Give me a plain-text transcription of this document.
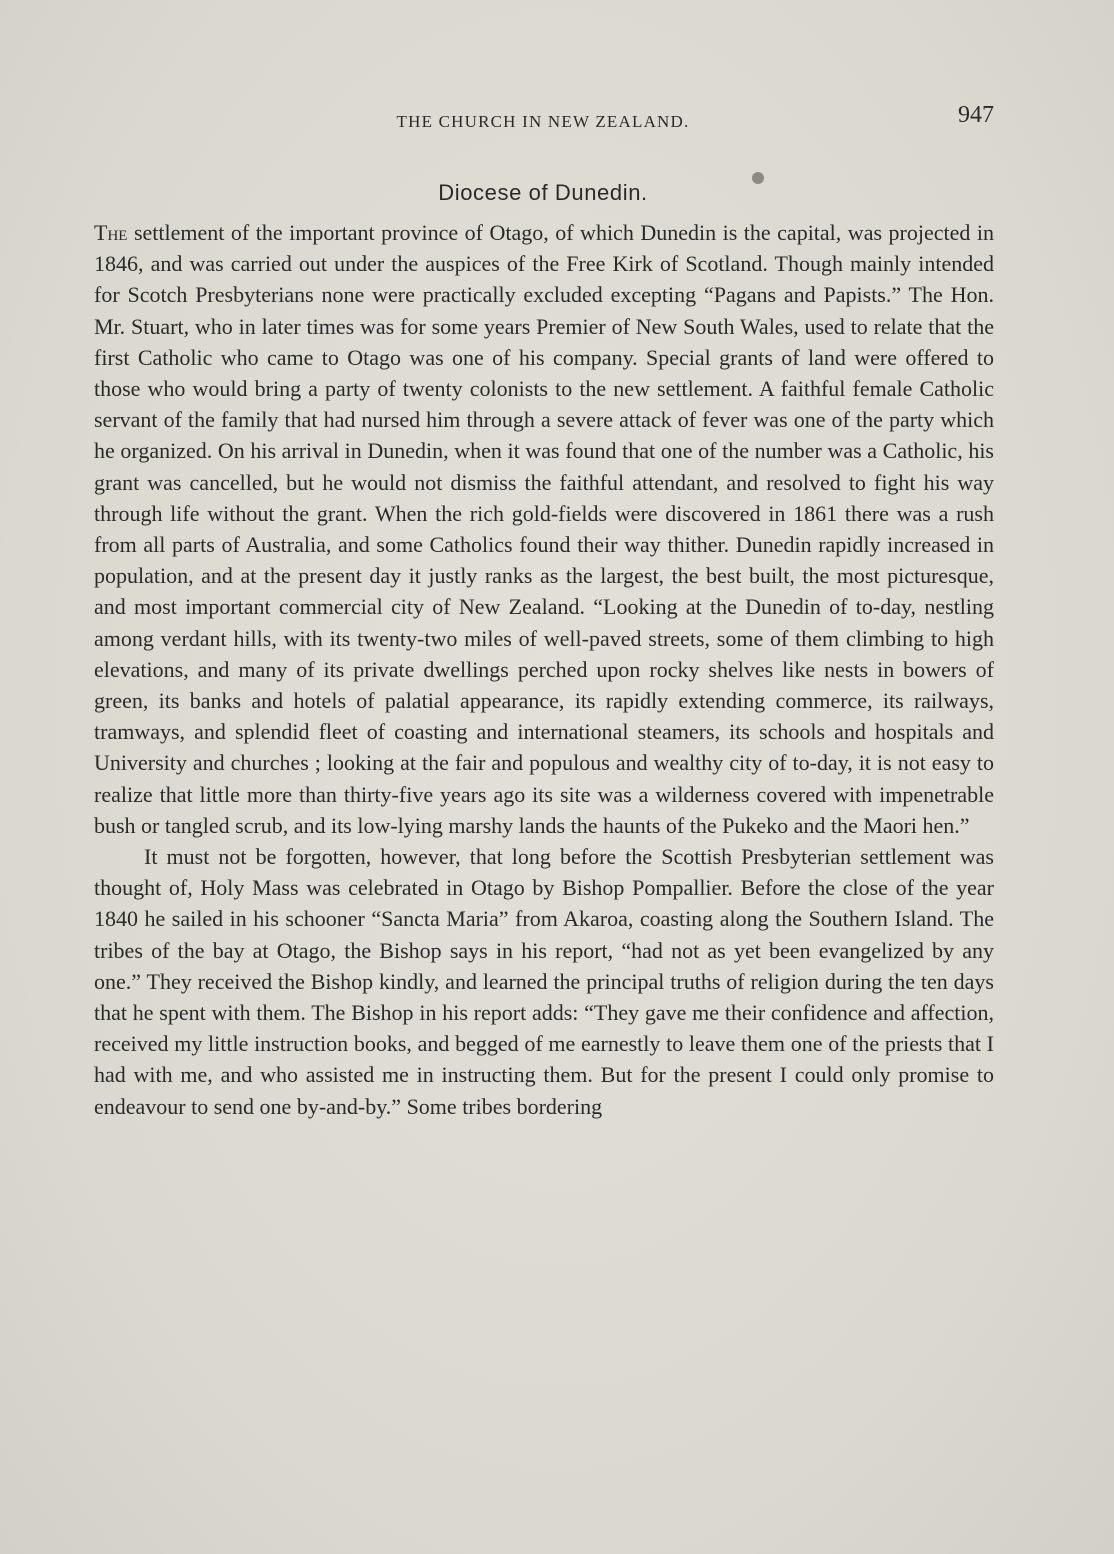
THE CHURCH IN NEW ZEALAND.	947
Diocese of Dunedin.

The settlement of the important province of Otago, of which Dunedin is the capital, was projected in 1846, and was carried out under the auspices of the Free Kirk of Scotland. Though mainly intended for Scotch Presbyterians none were practically excluded excepting “Pagans and Papists.” The Hon. Mr. Stuart, who in later times was for some years Premier of New South Wales, used to relate that the first Catholic who came to Otago was one of his company. Special grants of land were offered to those who would bring a party of twenty colonists to the new settlement. A faithful female Catholic servant of the family that had nursed him through a severe attack of fever was one of the party which he organized. On his arrival in Dunedin, when it was found that one of the number was a Catholic, his grant was cancelled, but he would not dismiss the faithful attendant, and resolved to fight his way through life without the grant. When the rich gold-fields were discovered in 1861 there was a rush from all parts of Australia, and some Catholics found their way thither. Dunedin rapidly increased in population, and at the present day it justly ranks as the largest, the best built, the most picturesque, and most important commercial city of New Zealand. “Looking at the Dunedin of to-day, nestling among verdant hills, with its twenty-two miles of well-paved streets, some of them climbing to high elevations, and many of its private dwellings perched upon rocky shelves like nests in bowers of green, its banks and hotels of palatial appearance, its rapidly extending commerce, its railways, tramways, and splendid fleet of coasting and international steamers, its schools and hospitals and University and churches ; looking at the fair and populous and wealthy city of to-day, it is not easy to realize that little more than thirty-five years ago its site was a wilderness covered with impenetrable bush or tangled scrub, and its low-lying marshy lands the haunts of the Pukeko and the Maori hen.”

It must not be forgotten, however, that long before the Scottish Presbyterian settlement was thought of, Holy Mass was celebrated in Otago by Bishop Pompallier. Before the close of the year 1840 he sailed in his schooner “Sancta Maria” from Akaroa, coasting along the Southern Island. The tribes of the bay at Otago, the Bishop says in his report, “had not as yet been evangelized by any one.” They received the Bishop kindly, and learned the principal truths of religion during the ten days that he spent with them. The Bishop in his report adds: “They gave me their confidence and affection, received my little instruction books, and begged of me earnestly to leave them one of the priests that I had with me, and who assisted me in instructing them. But for the present I could only promise to endeavour to send one by-and-by.” Some tribes bordering
